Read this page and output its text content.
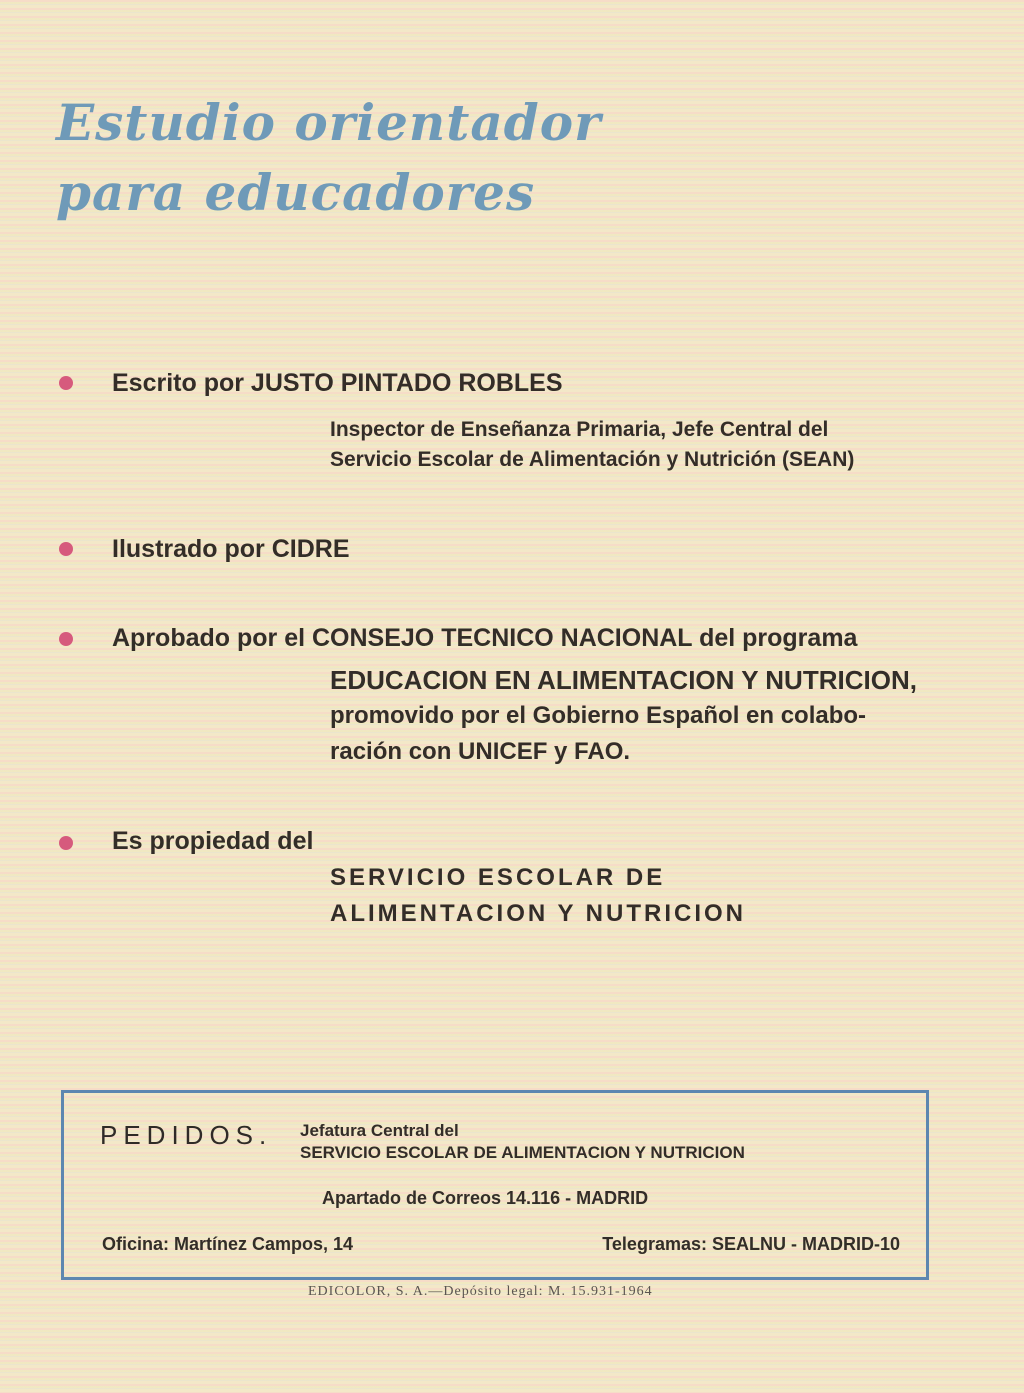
Estudio orientador
para educadores
Escrito por JUSTO PINTADO ROBLES
Inspector de Enseñanza Primaria, Jefe Central del
Servicio Escolar de Alimentación y Nutrición (SEAN)
Ilustrado por CIDRE
Aprobado por el CONSEJO TECNICO NACIONAL del programa
EDUCACION EN ALIMENTACION Y NUTRICION,
promovido por el Gobierno Español en colabo-
ración con UNICEF y FAO.
Es propiedad del
SERVICIO ESCOLAR DE
ALIMENTACION Y NUTRICION
PEDIDOS. Jefatura Central del
SERVICIO ESCOLAR DE ALIMENTACION Y NUTRICION
Apartado de Correos 14.116 - MADRID
Oficina: Martínez Campos, 14	Telegramas: SEALNU - MADRID-10
EDICOLOR, S. A.—Depósito legal: M. 15.931-1964
